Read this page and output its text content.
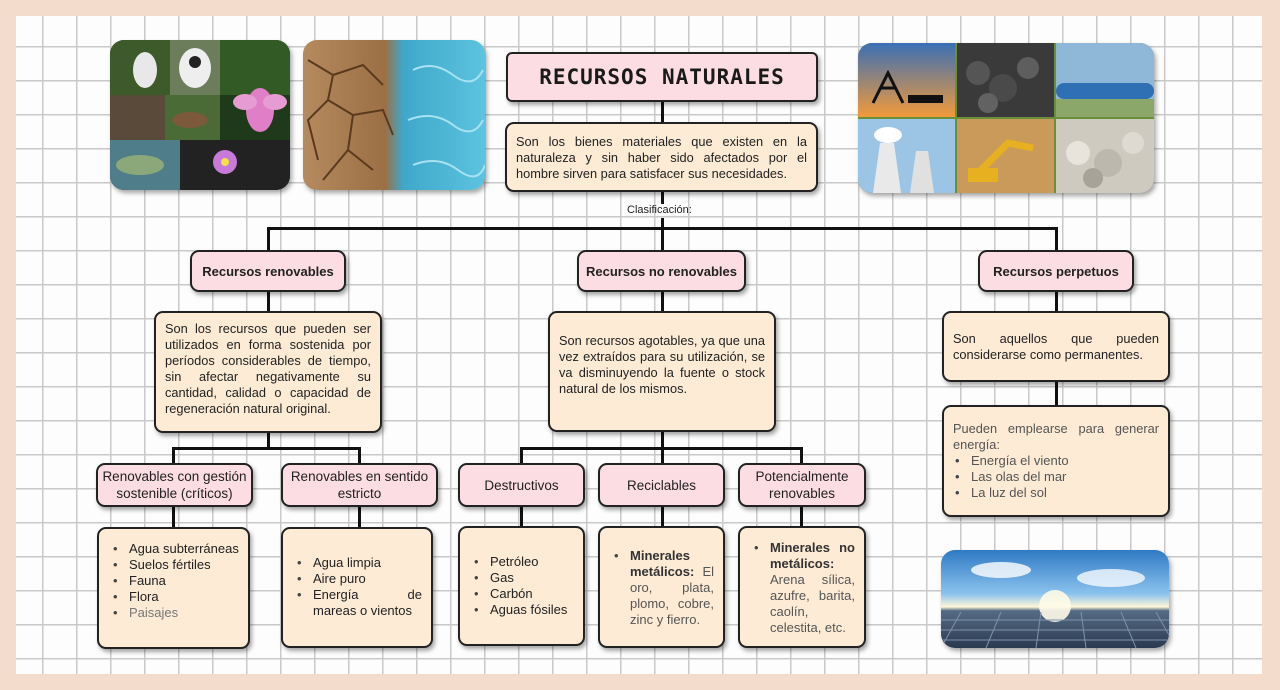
RECURSOS NATURALES
Son los bienes materiales que existen en la naturaleza y sin haber sido afectados por el hombre sirven para satisfacer sus necesidades.
Clasificación:
Recursos renovables	Recursos no renovables	Recursos perpetuos
Son los recursos que pueden ser utilizados en forma sostenida por períodos considerables de tiempo, sin afectar negativamente su cantidad, calidad o capacidad de regeneración natural original.
Son recursos agotables, ya que una vez extraídos para su utilización, se va disminuyendo la fuente o stock natural de los mismos.
Son aquellos que pueden considerarse como permanentes.
Pueden emplearse para generar energía:
• Energía el viento
• Las olas del mar
• La luz del sol
Renovables con gestión sostenible (críticos)
Renovables en sentido estricto
Destructivos	Reciclables
Potencialmente renovables
• Agua subterráneas
• Suelos fértiles
• Fauna
• Flora
• Paisajes
• Agua limpia
• Aire puro
• Energía de mareas o vientos
• Petróleo
• Gas
• Carbón
• Aguas fósiles
• Minerales metálicos: El oro, plata, plomo, cobre, zinc y fierro.
• Minerales no metálicos: Arena sílica, azufre, barita, caolín, celestita, etc.
